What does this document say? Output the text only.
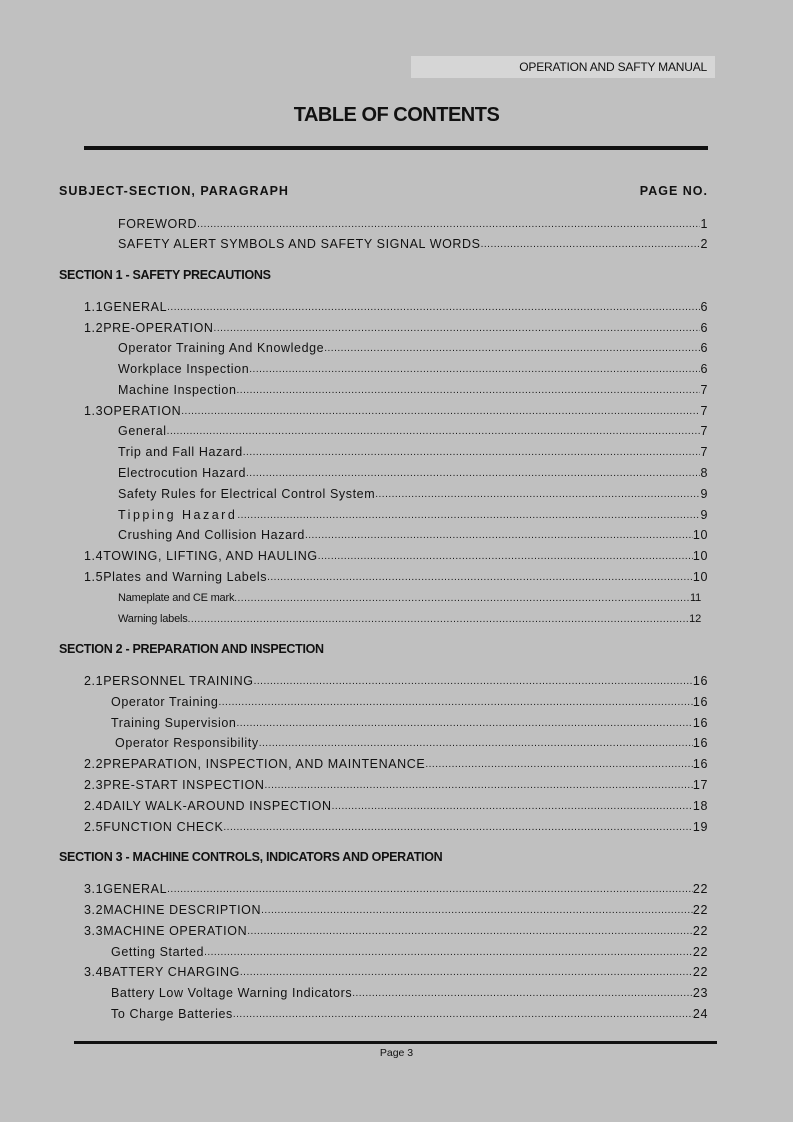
OPERATION AND SAFTY MANUAL
TABLE OF CONTENTS
SUBJECT-SECTION, PARAGRAPH	PAGE NO.
FOREWORD .....	1
SAFETY ALERT SYMBOLS AND SAFETY SIGNAL WORDS .....	2
SECTION 1 - SAFETY PRECAUTIONS
1.1 GENERAL .....	6
1.2 PRE-OPERATION .....	6
Operator Training And Knowledge .....	6
Workplace Inspection .....	6
Machine Inspection .....	7
1.3 OPERATION .....	7
General .....	7
Trip and Fall Hazard .....	7
Electrocution Hazard .....	8
Safety Rules for Electrical Control System .....	9
Tipping Hazard .....	9
Crushing And Collision Hazard .....	10
1.4 TOWING, LIFTING, AND HAULING .....	10
1.5 Plates and Warning Labels .....	10
Nameplate and CE mark .....	11
Warning labels .....	12
SECTION 2 - PREPARATION AND INSPECTION
2.1 PERSONNEL TRAINING .....	16
Operator Training .....	16
Training Supervision .....	16
Operator Responsibility .....	16
2.2 PREPARATION, INSPECTION, AND MAINTENANCE .....	16
2.3 PRE-START INSPECTION .....	17
2.4 DAILY WALK-AROUND INSPECTION .....	18
2.5 FUNCTION CHECK .....	19
SECTION 3 - MACHINE CONTROLS, INDICATORS AND OPERATION
3.1 GENERAL .....	22
3.2 MACHINE DESCRIPTION .....	22
3.3 MACHINE OPERATION .....	22
Getting Started .....	22
3.4 BATTERY CHARGING .....	22
Battery Low Voltage Warning Indicators .....	23
To Charge Batteries .....	24
Page 3
